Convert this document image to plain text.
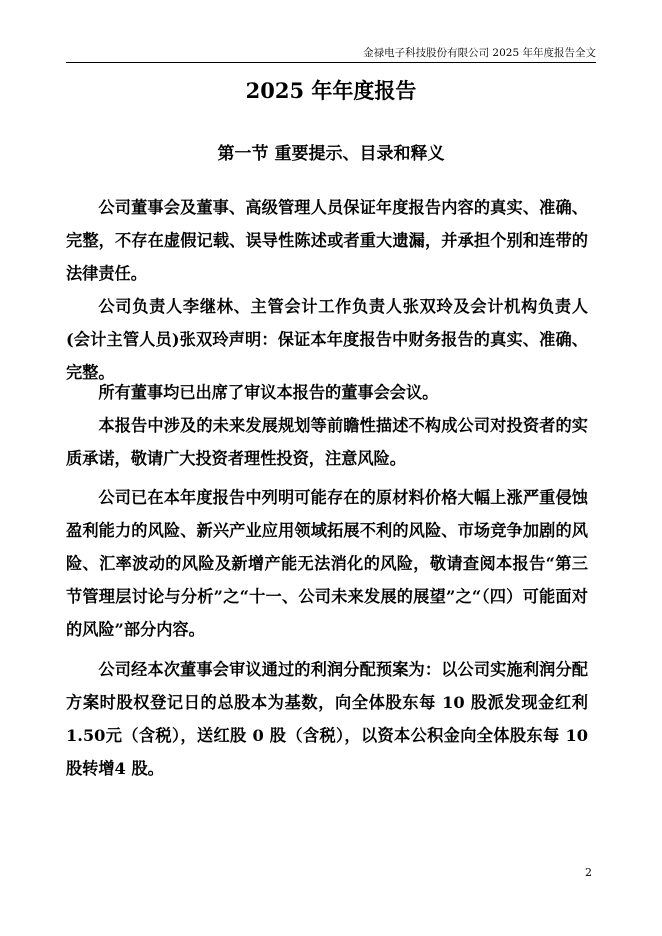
金禄电子科技股份有限公司 2025 年年度报告全文
2025 年年度报告
第一节 重要提示、目录和释义
公司董事会及董事、高级管理人员保证年度报告内容的真实、准确、完整，不存在虚假记载、误导性陈述或者重大遗漏，并承担个别和连带的法律责任。
公司负责人李继林、主管会计工作负责人张双玲及会计机构负责人(会计主管人员)张双玲声明：保证本年度报告中财务报告的真实、准确、完整。
所有董事均已出席了审议本报告的董事会会议。
本报告中涉及的未来发展规划等前瞻性描述不构成公司对投资者的实质承诺，敬请广大投资者理性投资，注意风险。
公司已在本年度报告中列明可能存在的原材料价格大幅上涨严重侵蚀盈利能力的风险、新兴产业应用领域拓展不利的风险、市场竞争加剧的风险、汇率波动的风险及新增产能无法消化的风险，敬请查阅本报告“第三节管理层讨论与分析”之“十一、公司未来发展的展望”之“（四）可能面对的风险”部分内容。
公司经本次董事会审议通过的利润分配预案为：以公司实施利润分配方案时股权登记日的总股本为基数，向全体股东每 10 股派发现金红利 1.50元（含税），送红股 0 股（含税），以资本公积金向全体股东每 10 股转增4 股。
2
